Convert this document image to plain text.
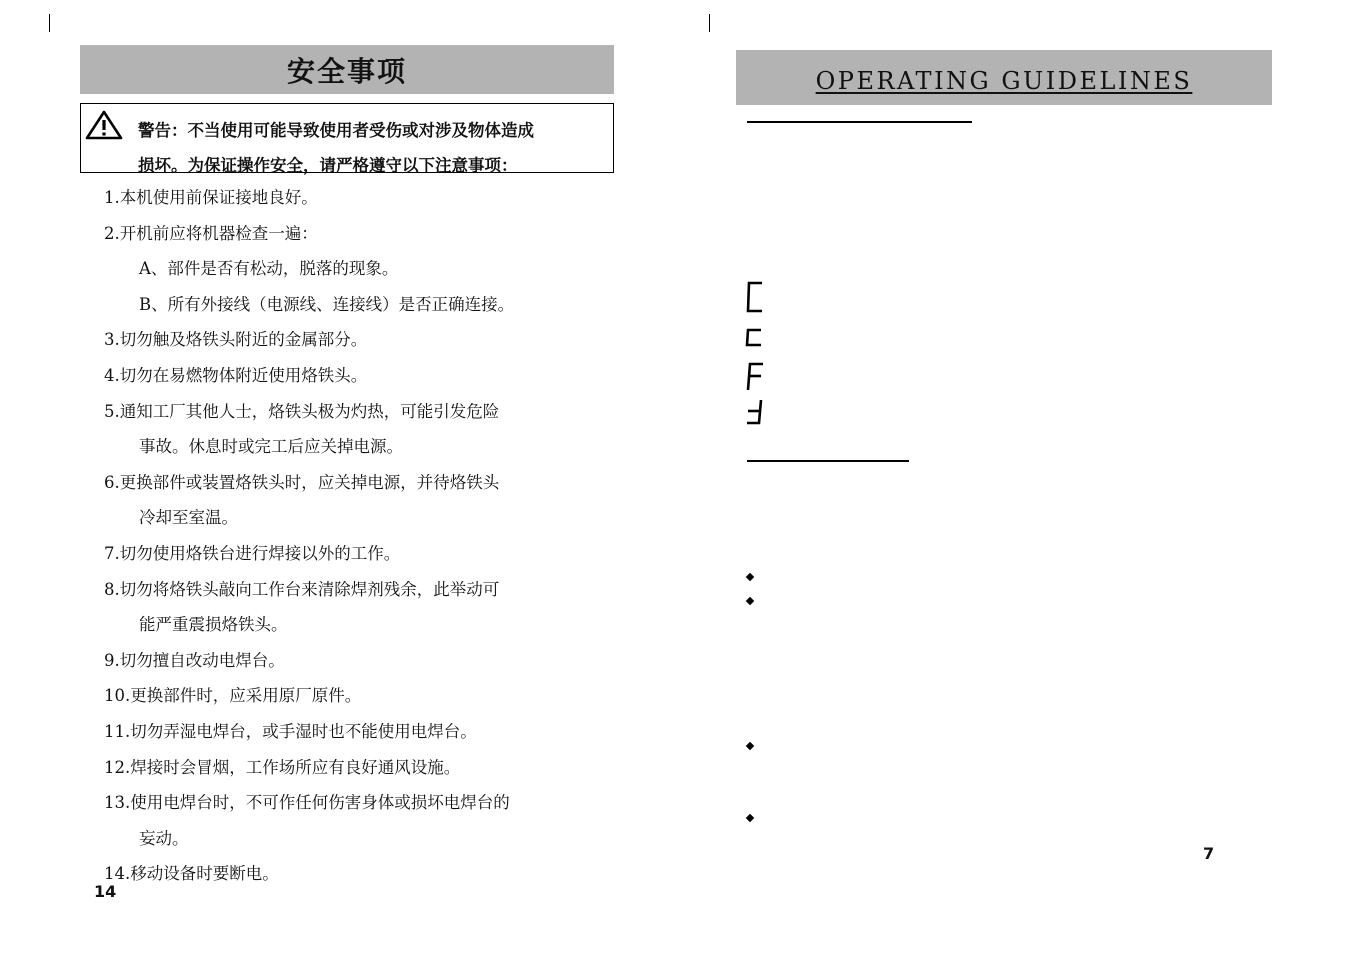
安全事项
警告：不当使用可能导致使用者受伤或对涉及物体造成
损坏。为保证操作安全，请严格遵守以下注意事项：
1.本机使用前保证接地良好。
2.开机前应将机器检查一遍：
A、部件是否有松动，脱落的现象。
B、所有外接线（电源线、连接线）是否正确连接。
3.切勿触及烙铁头附近的金属部分。
4.切勿在易燃物体附近使用烙铁头。
5.通知工厂其他人士，烙铁头极为灼热，可能引发危险
事故。休息时或完工后应关掉电源。
6.更换部件或装置烙铁头时，应关掉电源，并待烙铁头
冷却至室温。
7.切勿使用烙铁台进行焊接以外的工作。
8.切勿将烙铁头敲向工作台来清除焊剂残余，此举动可
能严重震损烙铁头。
9.切勿擅自改动电焊台。
10.更换部件时，应采用原厂原件。
11.切勿弄湿电焊台，或手湿时也不能使用电焊台。
12.焊接时会冒烟，工作场所应有良好通风设施。
13.使用电焊台时，不可作任何伤害身体或损坏电焊台的
妄动。
14.移动设备时要断电。
14
OPERATING GUIDELINES
7
